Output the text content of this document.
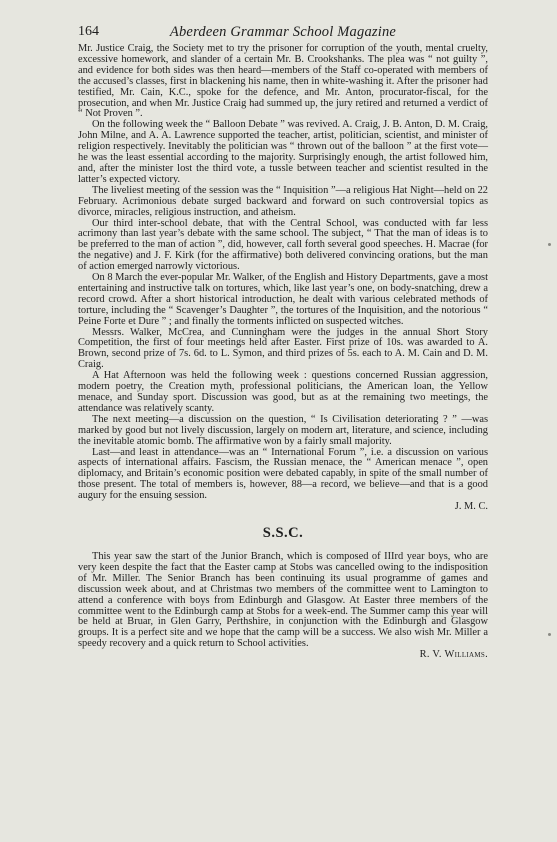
164	Aberdeen Grammar School Magazine

Mr. Justice Craig, the Society met to try the prisoner for corruption of the youth, mental cruelty, excessive homework, and slander of a certain Mr. B. Crookshanks. The plea was “ not guilty ”, and evidence for both sides was then heard—members of the Staff co-operated with members of the accused’s classes, first in blackening his name, then in white-washing it. After the prisoner had testified, Mr. Cain, K.C., spoke for the defence, and Mr. Anton, procurator-fiscal, for the prosecution, and when Mr. Justice Craig had summed up, the jury retired and returned a verdict of “ Not Proven ”.

On the following week the “ Balloon Debate ” was revived. A. Craig, J. B. Anton, D. M. Craig, John Milne, and A. A. Lawrence supported the teacher, artist, politician, scientist, and minister of religion respectively. Inevitably the politician was “ thrown out of the balloon ” at the first vote—he was the least essential according to the majority. Surprisingly enough, the artist followed him, and, after the minister lost the third vote, a tussle between teacher and scientist resulted in the latter’s expected victory.

The liveliest meeting of the session was the “ Inquisition ”—a religious Hat Night—held on 22 February. Acrimonious debate surged backward and forward on such controversial topics as divorce, miracles, religious instruction, and atheism.

Our third inter-school debate, that with the Central School, was conducted with far less acrimony than last year’s debate with the same school. The subject, “ That the man of ideas is to be preferred to the man of action ”, did, however, call forth several good speeches. H. Macrae (for the negative) and J. F. Kirk (for the affirmative) both delivered convincing orations, but the man of action emerged narrowly victorious.

On 8 March the ever-popular Mr. Walker, of the English and History Departments, gave a most entertaining and instructive talk on tortures, which, like last year’s one, on body-snatching, drew a record crowd. After a short historical introduction, he dealt with various celebrated methods of torture, including the “ Scavenger’s Daughter ”, the tortures of the Inquisition, and the notorious “ Peine Forte et Dure ” ; and finally the torments inflicted on suspected witches.

Messrs. Walker, McCrea, and Cunningham were the judges in the annual Short Story Competition, the first of four meetings held after Easter. First prize of 10s. was awarded to A. Brown, second prize of 7s. 6d. to L. Symon, and third prizes of 5s. each to A. M. Cain and D. M. Craig.

A Hat Afternoon was held the following week : questions concerned Russian aggression, modern poetry, the Creation myth, professional politicians, the American loan, the Yellow menace, and Sunday sport. Discussion was good, but as at the remaining two meetings, the attendance was relatively scanty.

The next meeting—a discussion on the question, “ Is Civilisation deteriorating ? ” —was marked by good but not lively discussion, largely on modern art, literature, and science, including the inevitable atomic bomb. The affirmative won by a fairly small majority.

Last—and least in attendance—was an “ International Forum ”, i.e. a discussion on various aspects of international affairs. Fascism, the Russian menace, the “ American menace ”, open diplomacy, and Britain’s economic position were debated capably, in spite of the small number of those present. The total of members is, however, 88—a record, we believe—and that is a good augury for the ensuing session.

J. M. C.

S.S.C.

This year saw the start of the Junior Branch, which is composed of IIIrd year boys, who are very keen despite the fact that the Easter camp at Stobs was cancelled owing to the indisposition of Mr. Miller. The Senior Branch has been continuing its usual programme of games and discussion week about, and at Christmas two members of the committee went to Lamington to attend a conference with boys from Edinburgh and Glasgow. At Easter three members of the committee went to the Edinburgh camp at Stobs for a week-end. The Summer camp this year will be held at Bruar, in Glen Garry, Perthshire, in conjunction with the Edinburgh and Glasgow groups. It is a perfect site and we hope that the camp will be a success. We also wish Mr. Miller a speedy recovery and a quick return to School activities.

R. V. Williams.
